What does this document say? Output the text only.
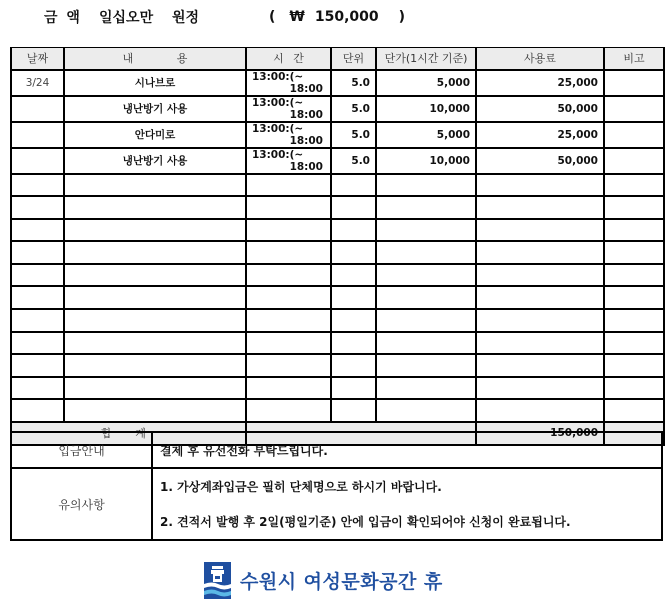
금 액	일십오만 원정	( ₩ 150,000 )
날짜	내 용	시 간	단위	단가(1시간 기준)	사용료	비고
3/24	시나브로	13:00:(~
18:00	5.0	5,000	25,000	
	냉난방기 사용	13:00:(~
18:00	5.0	10,000	50,000	
	안다미로	13:00:(~
18:00	5.0	5,000	25,000	
	냉난방기 사용	13:00:(~
18:00	5.0	10,000	50,000	

합 계					150,000	
입금안내	결제 후 유선전화 부탁드립니다.
유의사항	1. 가상계좌입금은 필히 단체명으로 하시기 바랍니다.

2. 견적서 발행 후 2일(평일기준) 안에 입금이 확인되어야 신청이 완료됩니다.

수원시 여성문화공간 휴
